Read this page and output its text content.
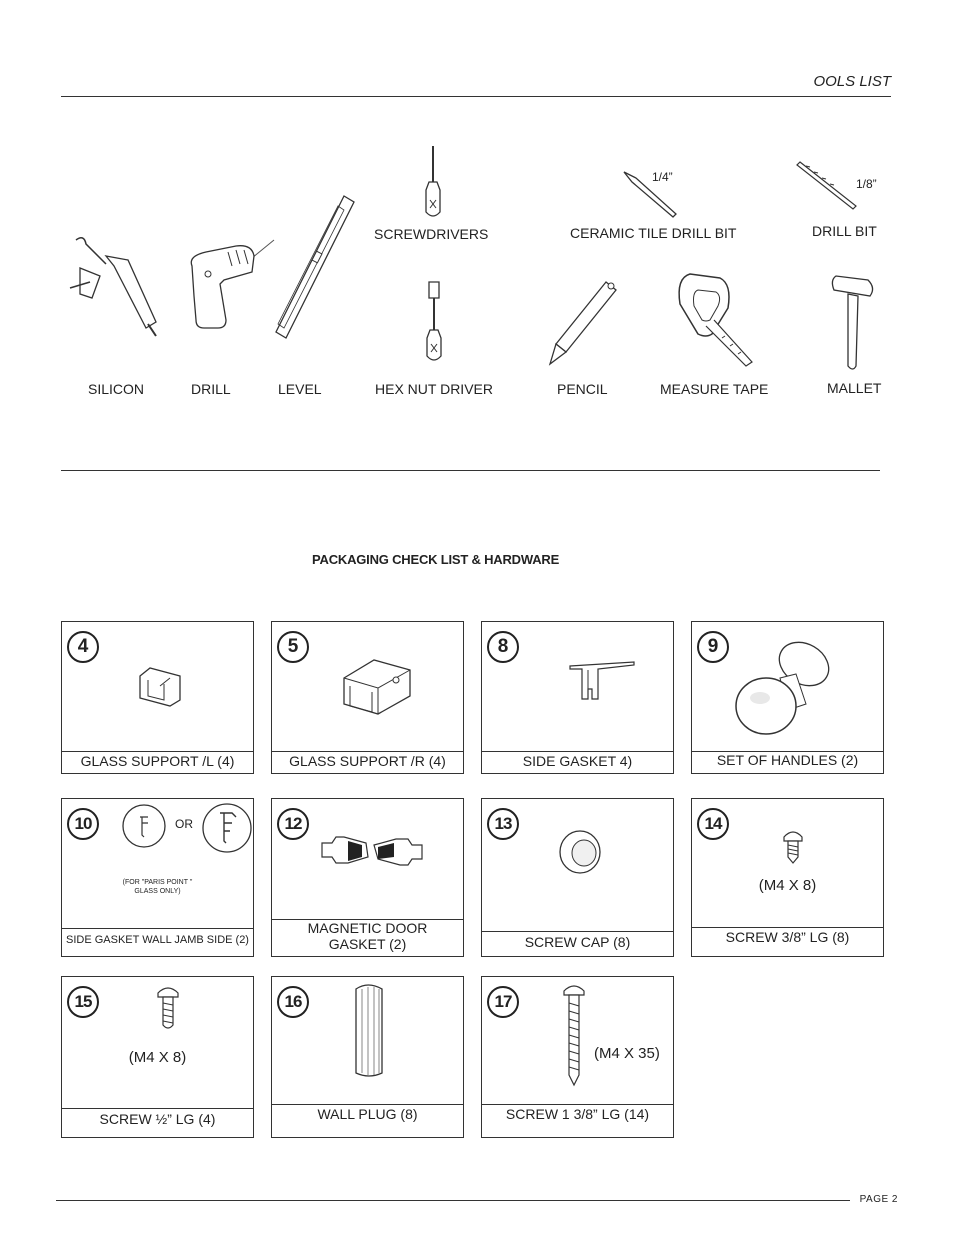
OOLS LIST
SCREWDRIVERS
1/4”
CERAMIC TILE DRILL BIT
1/8”
DRILL BIT
SILICON	DRILL	LEVEL	HEX NUT DRIVER	PENCIL	MEASURE TAPE	MALLET
PACKAGING CHECK LIST & HARDWARE
4
GLASS SUPPORT /L (4)
5
GLASS SUPPORT /R (4)
8
SIDE GASKET 4)
9
SET OF HANDLES (2)
10	OR
(FOR "PARIS POINT "
GLASS ONLY)
SIDE GASKET WALL JAMB SIDE (2)
12
MAGNETIC DOOR
GASKET (2)
13
SCREW CAP (8)
14
(M4 X 8)
SCREW 3/8” LG (8)
15
(M4 X 8)
SCREW ½” LG (4)
16
WALL PLUG (8)
17
(M4 X 35)
SCREW 1 3/8” LG (14)
PAGE 2
